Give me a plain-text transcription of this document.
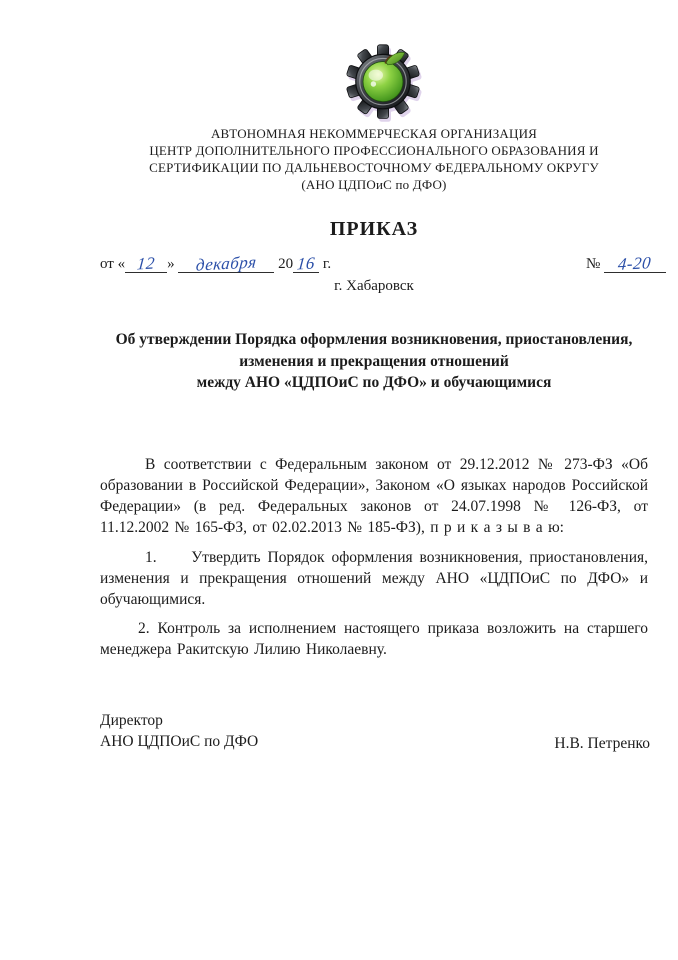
АВТОНОМНАЯ НЕКОММЕРЧЕСКАЯ ОРГАНИЗАЦИЯ
ЦЕНТР ДОПОЛНИТЕЛЬНОГО ПРОФЕССИОНАЛЬНОГО ОБРАЗОВАНИЯ И
СЕРТИФИКАЦИИ ПО ДАЛЬНЕВОСТОЧНОМУ ФЕДЕРАЛЬНОМУ ОКРУГУ
(АНО ЦДПОиС по ДФО)
ПРИКАЗ
от « 12 » декабря 20 16 г.	№ 4-20
г. Хабаровск
Об утверждении Порядка оформления возникновения, приостановления,
изменения и прекращения отношений
между АНО «ЦДПОиС по ДФО» и обучающимися

В соответствии с Федеральным законом от 29.12.2012 № 273-ФЗ «Об образовании в Российской Федерации», Законом «О языках народов Российской Федерации» (в ред. Федеральных законов от 24.07.1998 № 126-ФЗ, от 11.12.2002 № 165-ФЗ, от 02.02.2013 № 185-ФЗ), п р и к а з ы в а ю:

1.     Утвердить Порядок оформления возникновения, приостановления, изменения и прекращения отношений между АНО «ЦДПОиС по ДФО» и обучающимися.

2. Контроль за исполнением настоящего приказа возложить на старшего менеджера Ракитскую Лилию Николаевну.

Директор
АНО ЦДПОиС по ДФО	Н.В. Петренко
